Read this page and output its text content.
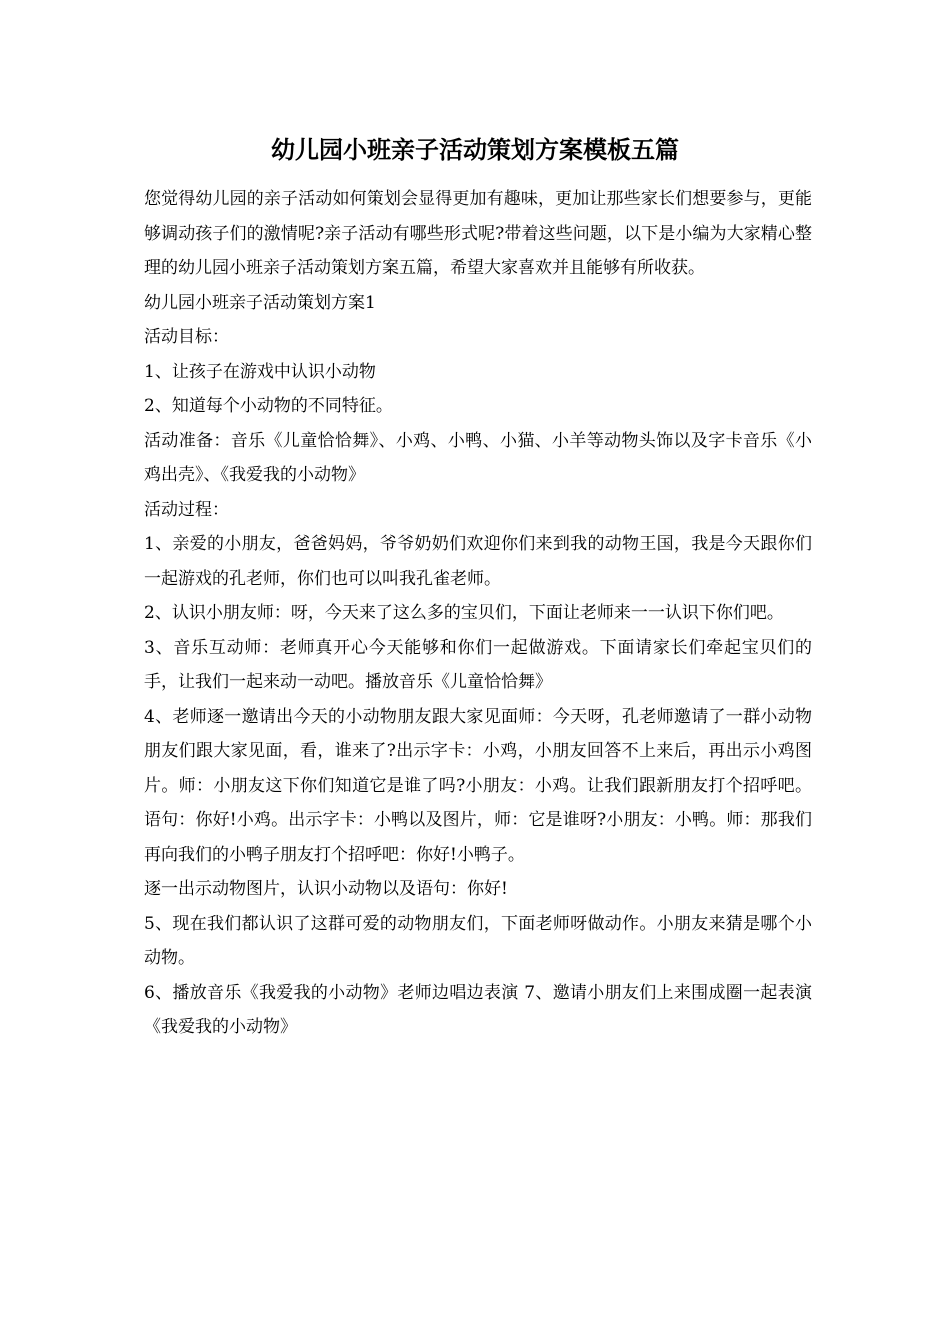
幼儿园小班亲子活动策划方案模板五篇

您觉得幼儿园的亲子活动如何策划会显得更加有趣味，更加让那些家长们想要参与，更能够调动孩子们的激情呢?亲子活动有哪些形式呢?带着这些问题，以下是小编为大家精心整理的幼儿园小班亲子活动策划方案五篇，希望大家喜欢并且能够有所收获。

幼儿园小班亲子活动策划方案1

活动目标：

1、让孩子在游戏中认识小动物

2、知道每个小动物的不同特征。

活动准备：音乐《儿童恰恰舞》、小鸡、小鸭、小猫、小羊等动物头饰以及字卡音乐《小鸡出壳》、《我爱我的小动物》

活动过程：

1、亲爱的小朋友，爸爸妈妈，爷爷奶奶们欢迎你们来到我的动物王国，我是今天跟你们一起游戏的孔老师，你们也可以叫我孔雀老师。

2、认识小朋友师：呀，今天来了这么多的宝贝们，下面让老师来一一认识下你们吧。

3、音乐互动师：老师真开心今天能够和你们一起做游戏。下面请家长们牵起宝贝们的手，让我们一起来动一动吧。播放音乐《儿童恰恰舞》

4、老师逐一邀请出今天的小动物朋友跟大家见面师：今天呀，孔老师邀请了一群小动物朋友们跟大家见面，看，谁来了?出示字卡：小鸡，小朋友回答不上来后，再出示小鸡图片。师：小朋友这下你们知道它是谁了吗?小朋友：小鸡。让我们跟新朋友打个招呼吧。语句：你好!小鸡。出示字卡：小鸭以及图片，师：它是谁呀?小朋友：小鸭。师：那我们再向我们的小鸭子朋友打个招呼吧：你好!小鸭子。

逐一出示动物图片，认识小动物以及语句：你好!

5、现在我们都认识了这群可爱的动物朋友们，下面老师呀做动作。小朋友来猜是哪个小动物。

6、播放音乐《我爱我的小动物》老师边唱边表演 7、邀请小朋友们上来围成圈一起表演《我爱我的小动物》
